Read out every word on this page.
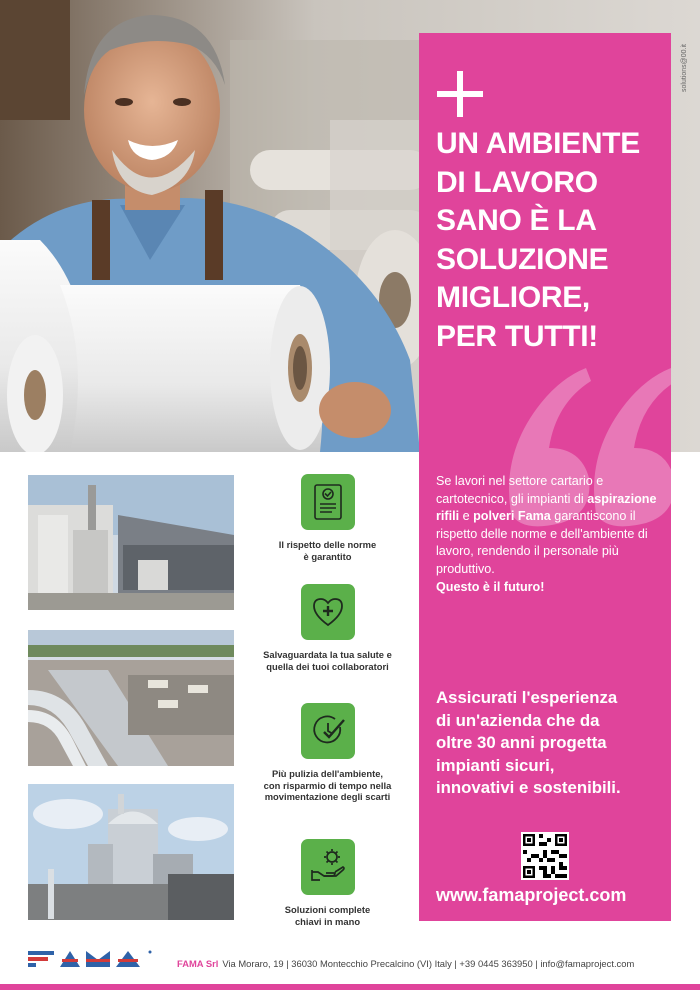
solutions@00.it
UN AMBIENTE
DI LAVORO
SANO È LA
SOLUZIONE
MIGLIORE,
PER TUTTI!

Se lavori nel settore cartario e cartotecnico, gli impianti di aspirazione rifili e polveri Fama garantiscono il rispetto delle norme e dell'ambiente di lavoro, rendendo il personale più produttivo.
Questo è il futuro!

Assicurati l'esperienza
di un'azienda che da
oltre 30 anni progetta
impianti sicuri,
innovativi e sostenibili.

www.famaproject.com
Il rispetto delle norme
è garantito
Salvaguardata la tua salute e
quella dei tuoi collaboratori
Più pulizia dell'ambiente,
con risparmio di tempo nella
movimentazione degli scarti
Soluzioni complete
chiavi in mano
FAMA Srl Via Moraro, 19 | 36030 Montecchio Precalcino (VI) Italy | +39 0445 363950 | info@famaproject.com
